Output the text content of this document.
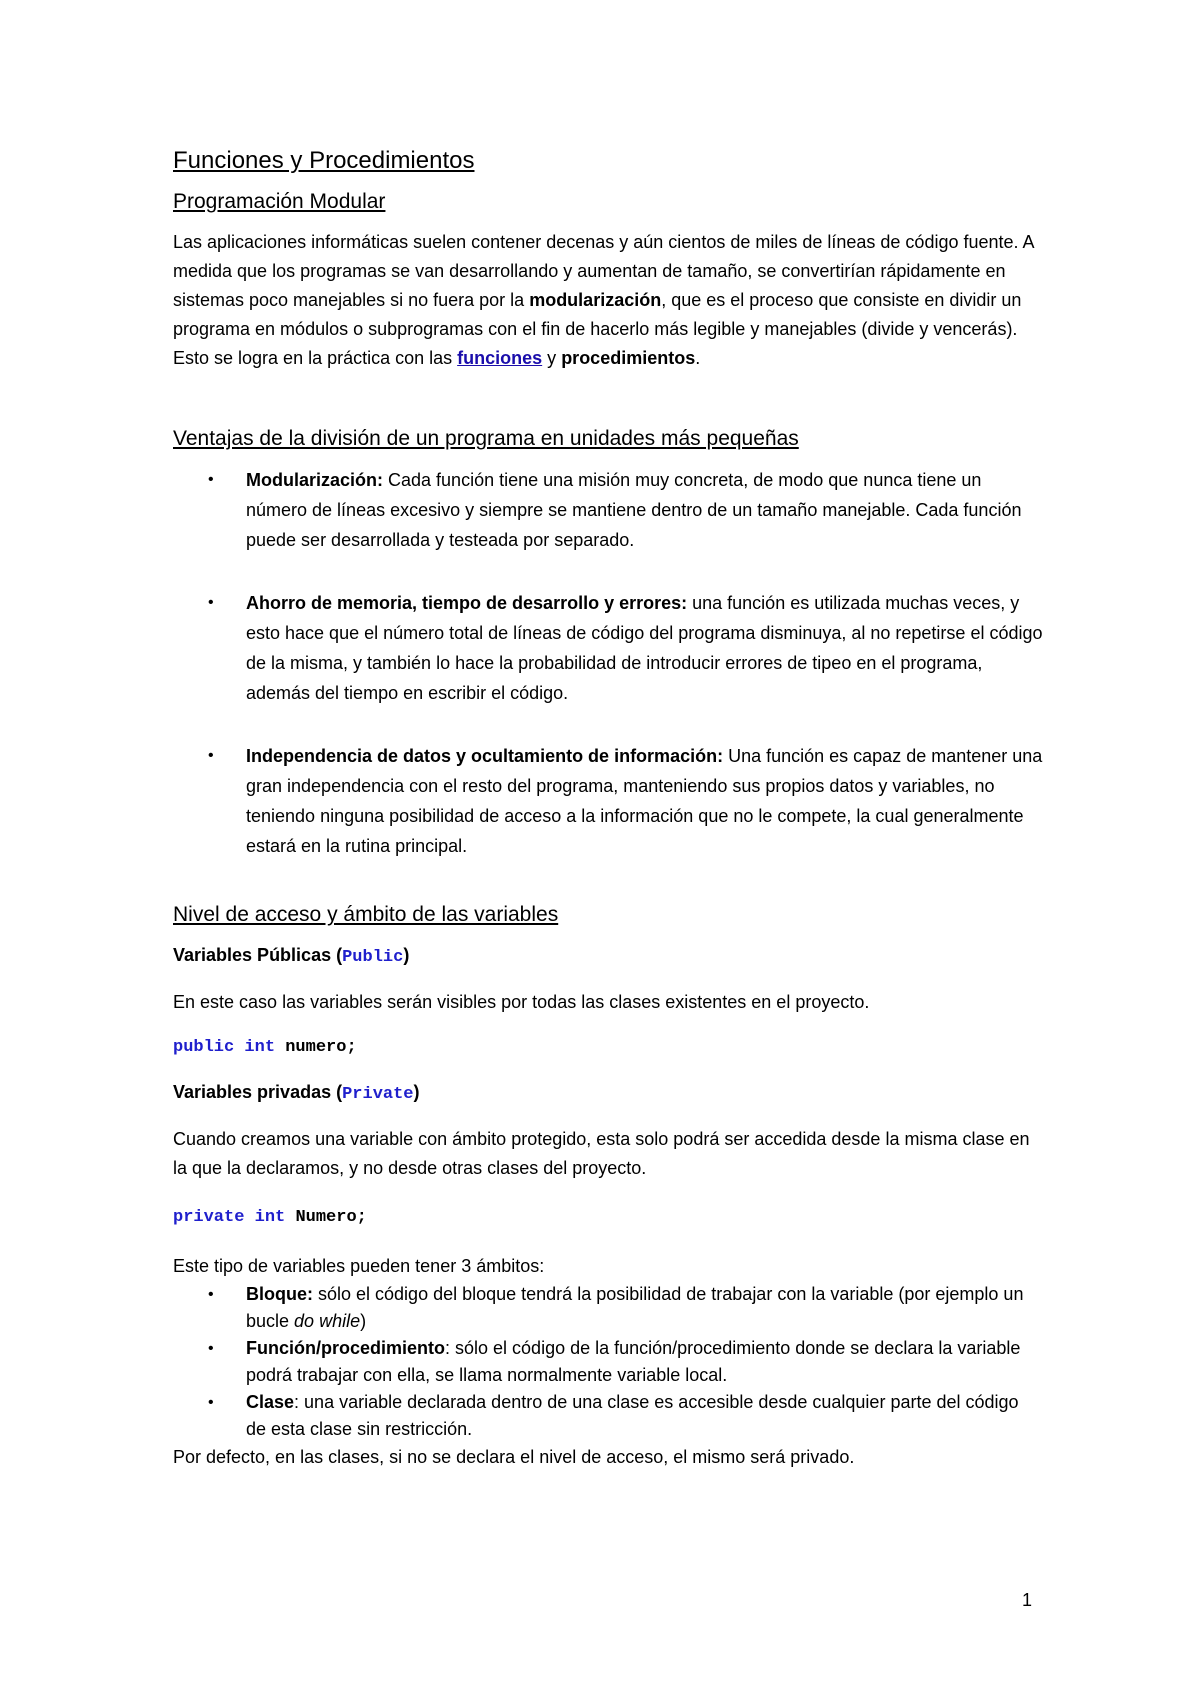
Funciones y Procedimientos
Programación Modular

Las aplicaciones informáticas suelen contener decenas y aún cientos de miles de líneas de código fuente. A medida que los programas se van desarrollando y aumentan de tamaño, se convertirían rápidamente en sistemas poco manejables si no fuera por la modularización, que es el proceso que consiste en dividir un programa en módulos o subprogramas con el fin de hacerlo más legible y manejables (divide y vencerás). Esto se logra en la práctica con las funciones y procedimientos.

Ventajas de la división de un programa en unidades más pequeñas
• Modularización: Cada función tiene una misión muy concreta, de modo que nunca tiene un número de líneas excesivo y siempre se mantiene dentro de un tamaño manejable. Cada función puede ser desarrollada y testeada por separado.
• Ahorro de memoria, tiempo de desarrollo y errores: una función es utilizada muchas veces, y esto hace que el número total de líneas de código del programa disminuya, al no repetirse el código de la misma, y también lo hace la probabilidad de introducir errores de tipeo en el programa, además del tiempo en escribir el código.
• Independencia de datos y ocultamiento de información: Una función es capaz de mantener una gran independencia con el resto del programa, manteniendo sus propios datos y variables, no teniendo ninguna posibilidad de acceso a la información que no le compete, la cual generalmente estará en la rutina principal.
Nivel de acceso y ámbito de las variables

Variables Públicas (Public)

En este caso las variables serán visibles por todas las clases existentes en el proyecto.

public int numero;

Variables privadas (Private)

Cuando creamos una variable con ámbito protegido, esta solo podrá ser accedida desde la misma clase en la que la declaramos, y no desde otras clases del proyecto.

private int Numero;

Este tipo de variables pueden tener 3 ámbitos:

• Bloque: sólo el código del bloque tendrá la posibilidad de trabajar con la variable (por ejemplo un bucle do while)
• Función/procedimiento: sólo el código de la función/procedimiento donde se declara la variable podrá trabajar con ella, se llama normalmente variable local.
• Clase: una variable declarada dentro de una clase es accesible desde cualquier parte del código de esta clase sin restricción.

Por defecto, en las clases, si no se declara el nivel de acceso, el mismo será privado.

1
